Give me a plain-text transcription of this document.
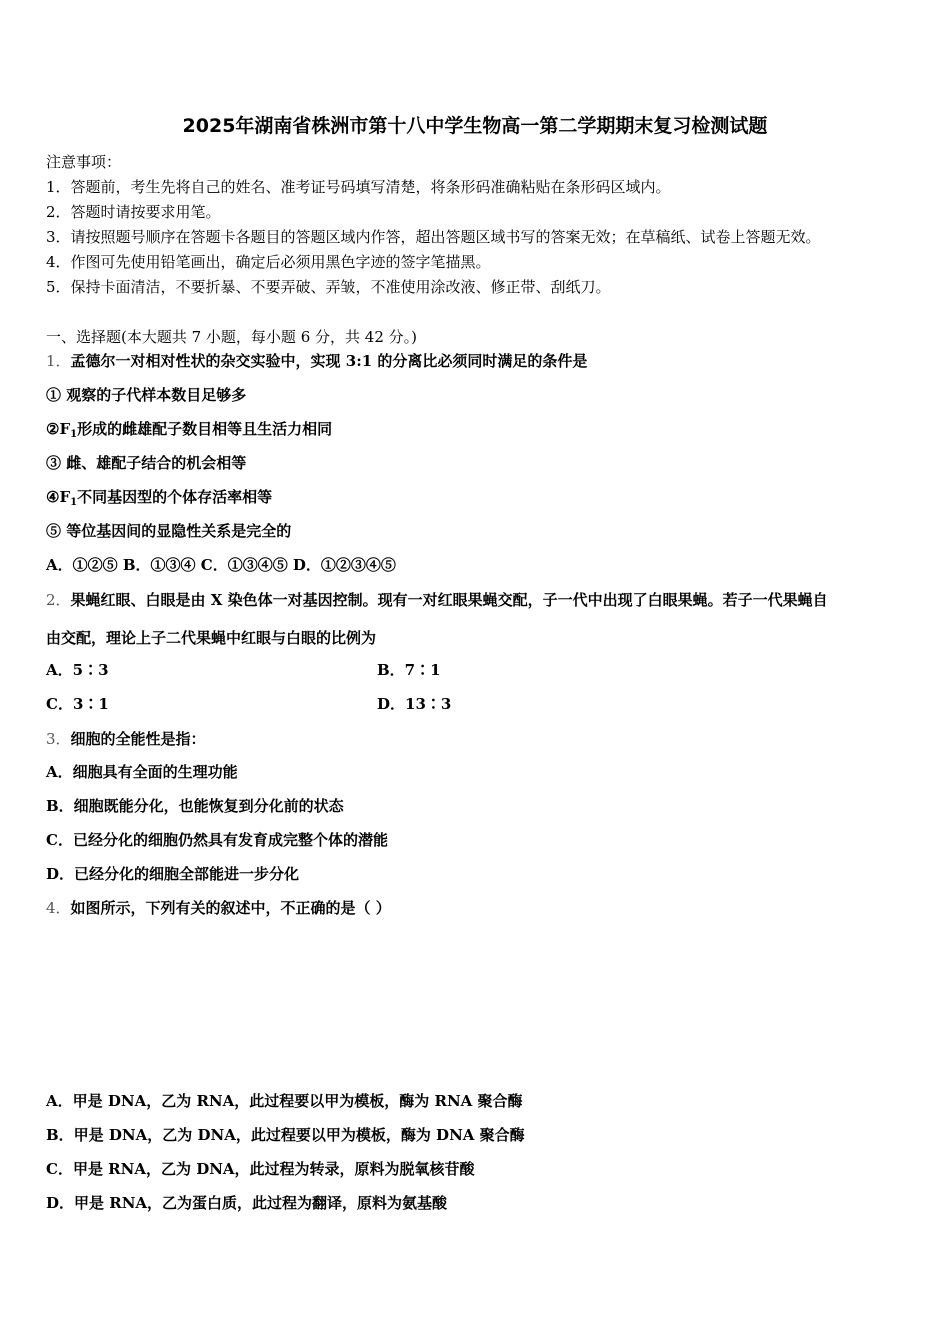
2025年湖南省株洲市第十八中学生物高一第二学期期末复习检测试题
注意事项：
1．答题前，考生先将自己的姓名、准考证号码填写清楚，将条形码准确粘贴在条形码区域内。
2．答题时请按要求用笔。
3．请按照题号顺序在答题卡各题目的答题区域内作答，超出答题区域书写的答案无效；在草稿纸、试卷上答题无效。
4．作图可先使用铅笔画出，确定后必须用黑色字迹的签字笔描黑。
5．保持卡面清洁，不要折暴、不要弄破、弄皱，不准使用涂改液、修正带、刮纸刀。
一、选择题(本大题共 7 小题，每小题 6 分，共 42 分。)
1．孟德尔一对相对性状的杂交实验中，实现 3:1 的分离比必须同时满足的条件是
① 观察的子代样本数目足够多
$②F_1$形成的雌雄配子数目相等且生活力相同
③ 雌、雄配子结合的机会相等
$④F_1$不同基因型的个体存活率相等
⑤ 等位基因间的显隐性关系是完全的
A．①②⑤ B．①③④ C．①③④⑤ D．①②③④⑤
2．果蝇红眼、白眼是由 X 染色体一对基因控制。现有一对红眼果蝇交配，子一代中出现了白眼果蝇。若子一代果蝇自
由交配，理论上子二代果蝇中红眼与白眼的比例为
A．5∶3	B．7∶1
C．3∶1	D．13∶3
3．细胞的全能性是指：
A．细胞具有全面的生理功能
B．细胞既能分化，也能恢复到分化前的状态
C．已经分化的细胞仍然具有发育成完整个体的潜能
D．已经分化的细胞全部能进一步分化
4．如图所示，下列有关的叙述中，不正确的是（ ）
A．甲是 DNA，乙为 RNA，此过程要以甲为模板，酶为 RNA 聚合酶
B．甲是 DNA，乙为 DNA，此过程要以甲为模板，酶为 DNA 聚合酶
C．甲是 RNA，乙为 DNA，此过程为转录，原料为脱氧核苷酸
D．甲是 RNA，乙为蛋白质，此过程为翻译，原料为氨基酸
